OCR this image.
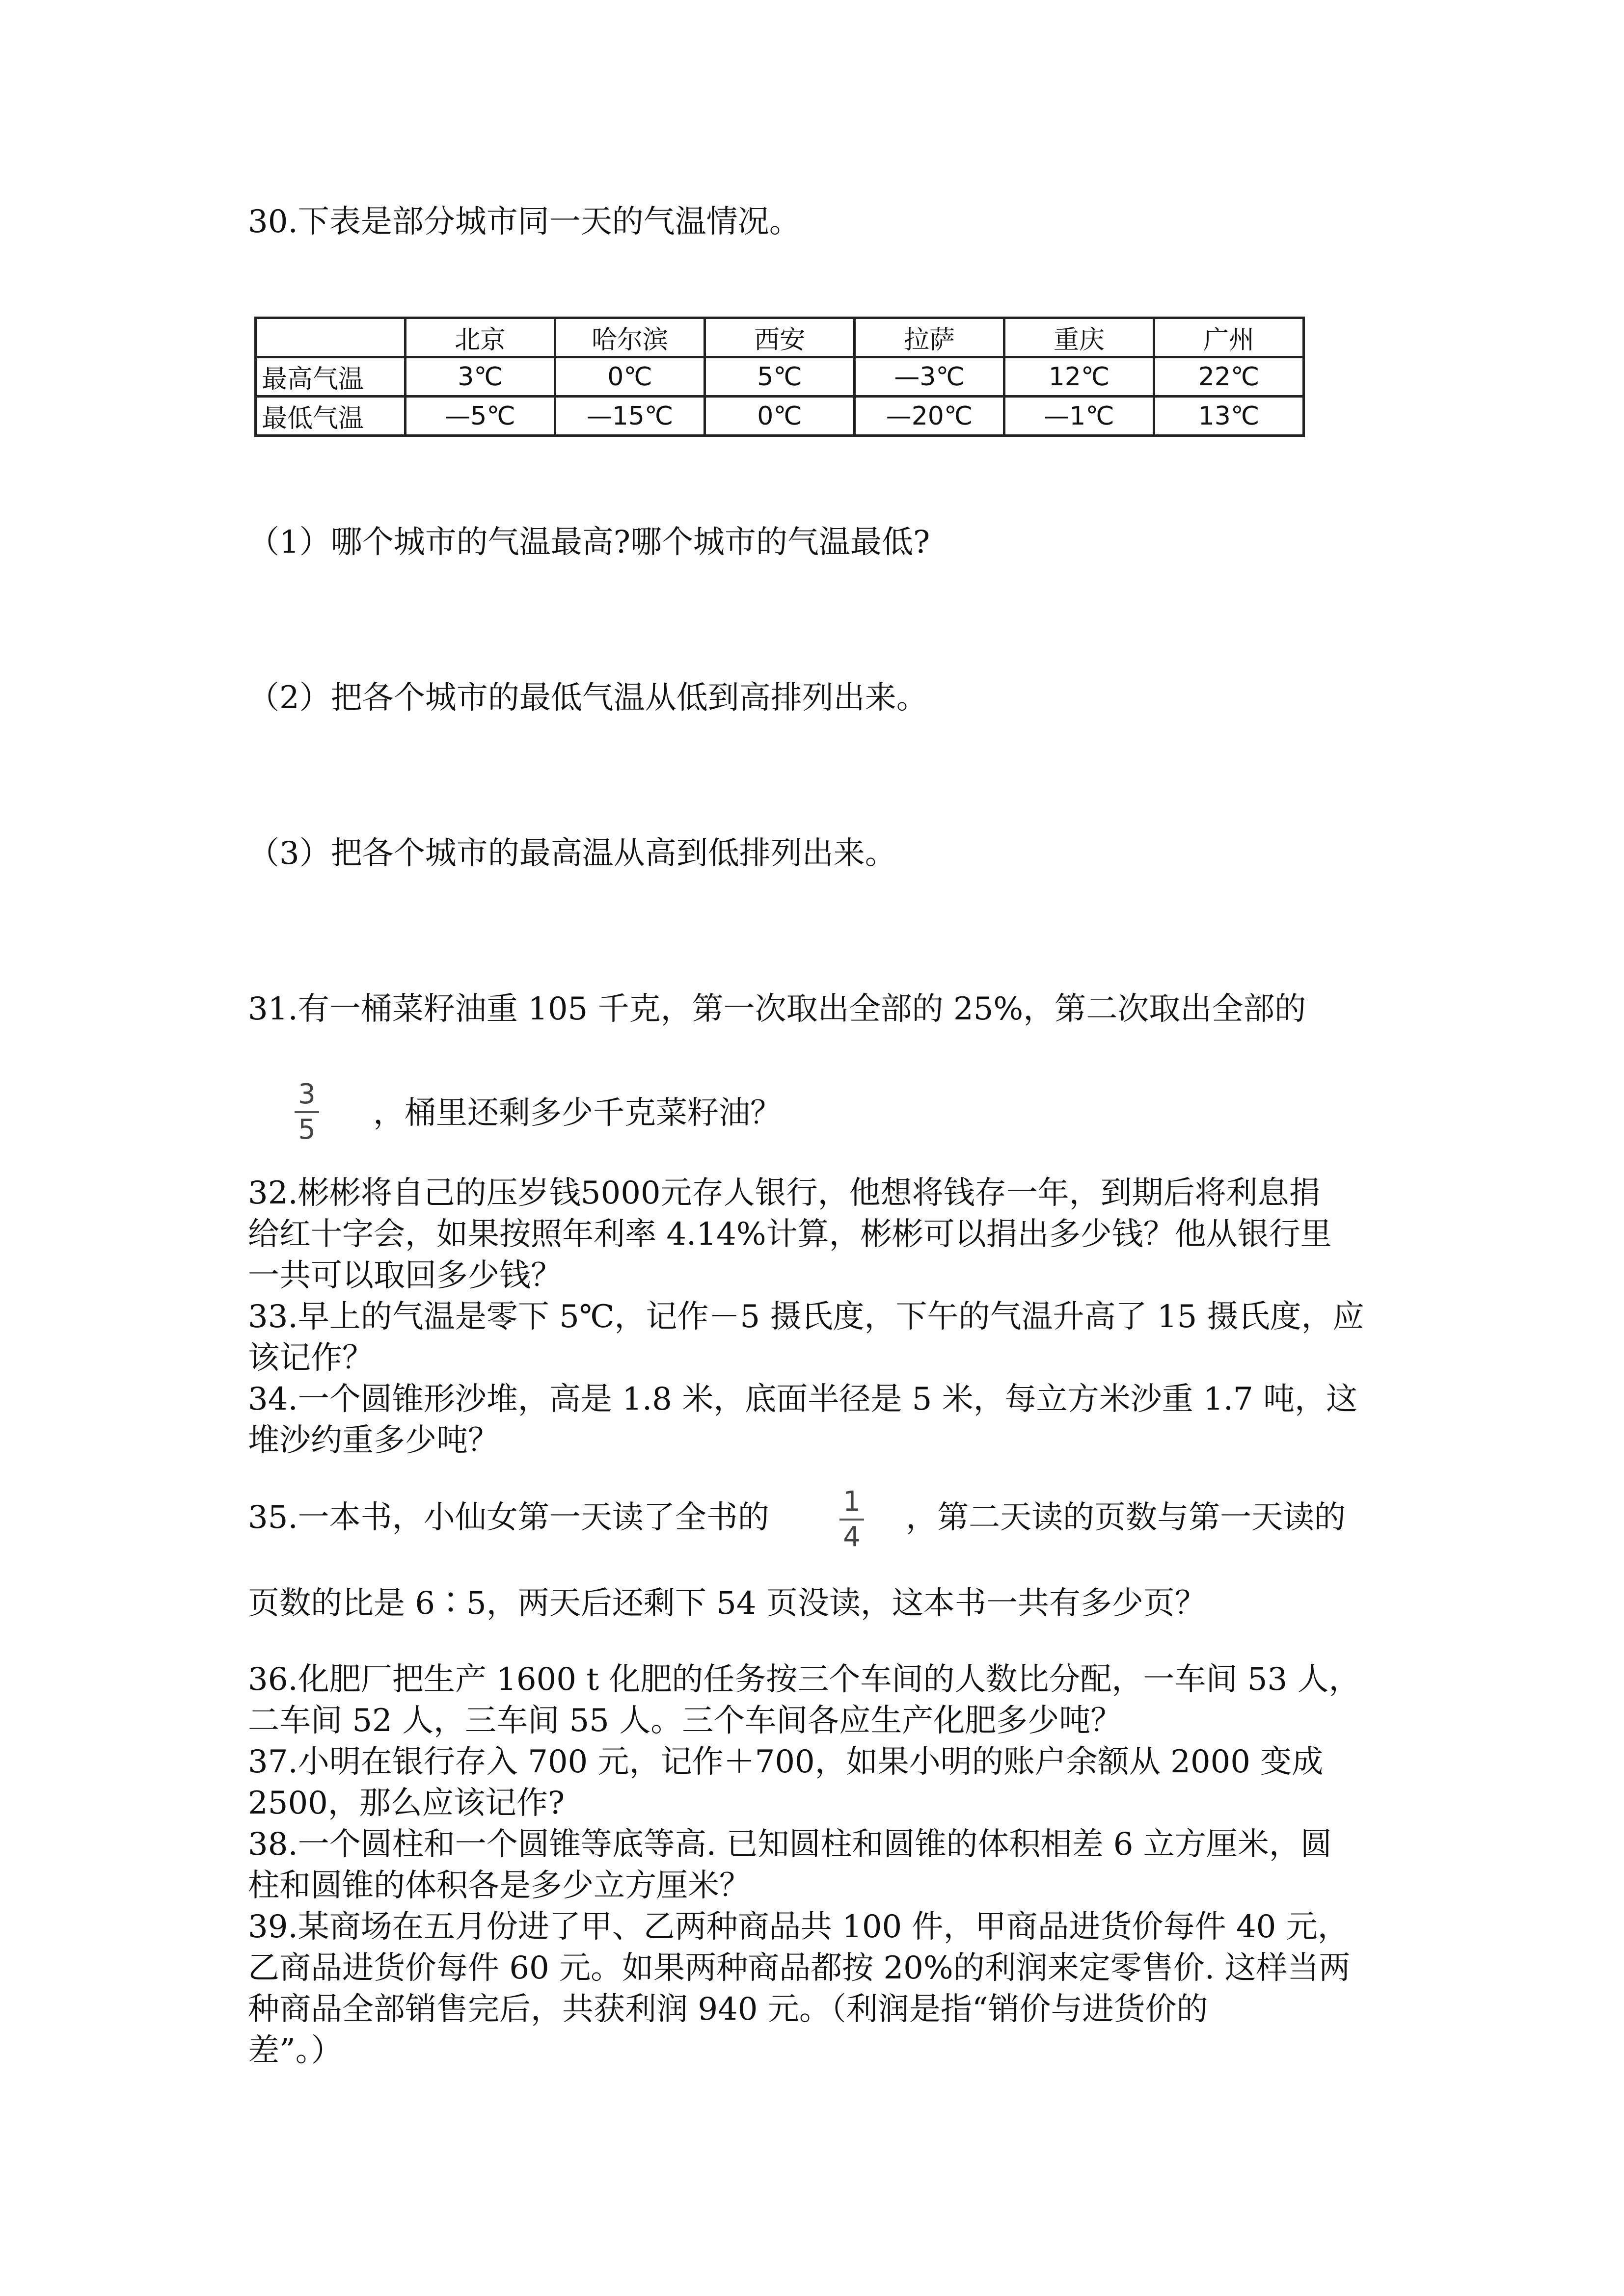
30.下表是部分城市同一天的气温情况。
	北京	哈尔滨	西安	拉萨	重庆	广州
最高气温	3℃	0℃	5℃	—3℃	12℃	22℃
最低气温	—5℃	—15℃	0℃	—20℃	—1℃	13℃
（1）哪个城市的气温最高?哪个城市的气温最低?
（2）把各个城市的最低气温从低到高排列出来。
（3）把各个城市的最高温从高到低排列出来。
31.有一桶菜籽油重 105 千克，第一次取出全部的 25%，第二次取出全部的
3
5 ，桶里还剩多少千克菜籽油？
32.彬彬将自己的压岁钱5000元存人银行，他想将钱存一年，到期后将利息捐
给红十字会，如果按照年利率 4.14%计算，彬彬可以捐出多少钱？他从银行里
一共可以取回多少钱？
33.早上的气温是零下 5℃，记作－5 摄氏度，下午的气温升高了 15 摄氏度，应
该记作？
34.一个圆锥形沙堆，高是 1.8 米，底面半径是 5 米，每立方米沙重 1.7 吨，这
堆沙约重多少吨？
35.一本书，小仙女第一天读了全书的	1
4
，第二天读的页数与第一天读的
页数的比是 6∶5，两天后还剩下 54 页没读，这本书一共有多少页？
36.化肥厂把生产 1600 t 化肥的任务按三个车间的人数比分配，一车间 53 人，
二车间 52 人，三车间 55 人。三个车间各应生产化肥多少吨？
37.小明在银行存入 700 元，记作＋700，如果小明的账户余额从 2000 变成
2500，那么应该记作?
38.一个圆柱和一个圆锥等底等高. 已知圆柱和圆锥的体积相差 6 立方厘米，圆
柱和圆锥的体积各是多少立方厘米？
39.某商场在五月份进了甲、乙两种商品共 100 件，甲商品进货价每件 40 元，
乙商品进货价每件 60 元。如果两种商品都按 20%的利润来定零售价. 这样当两
种商品全部销售完后，共获利润 940 元。（利润是指“销价与进货价的
差”。）
